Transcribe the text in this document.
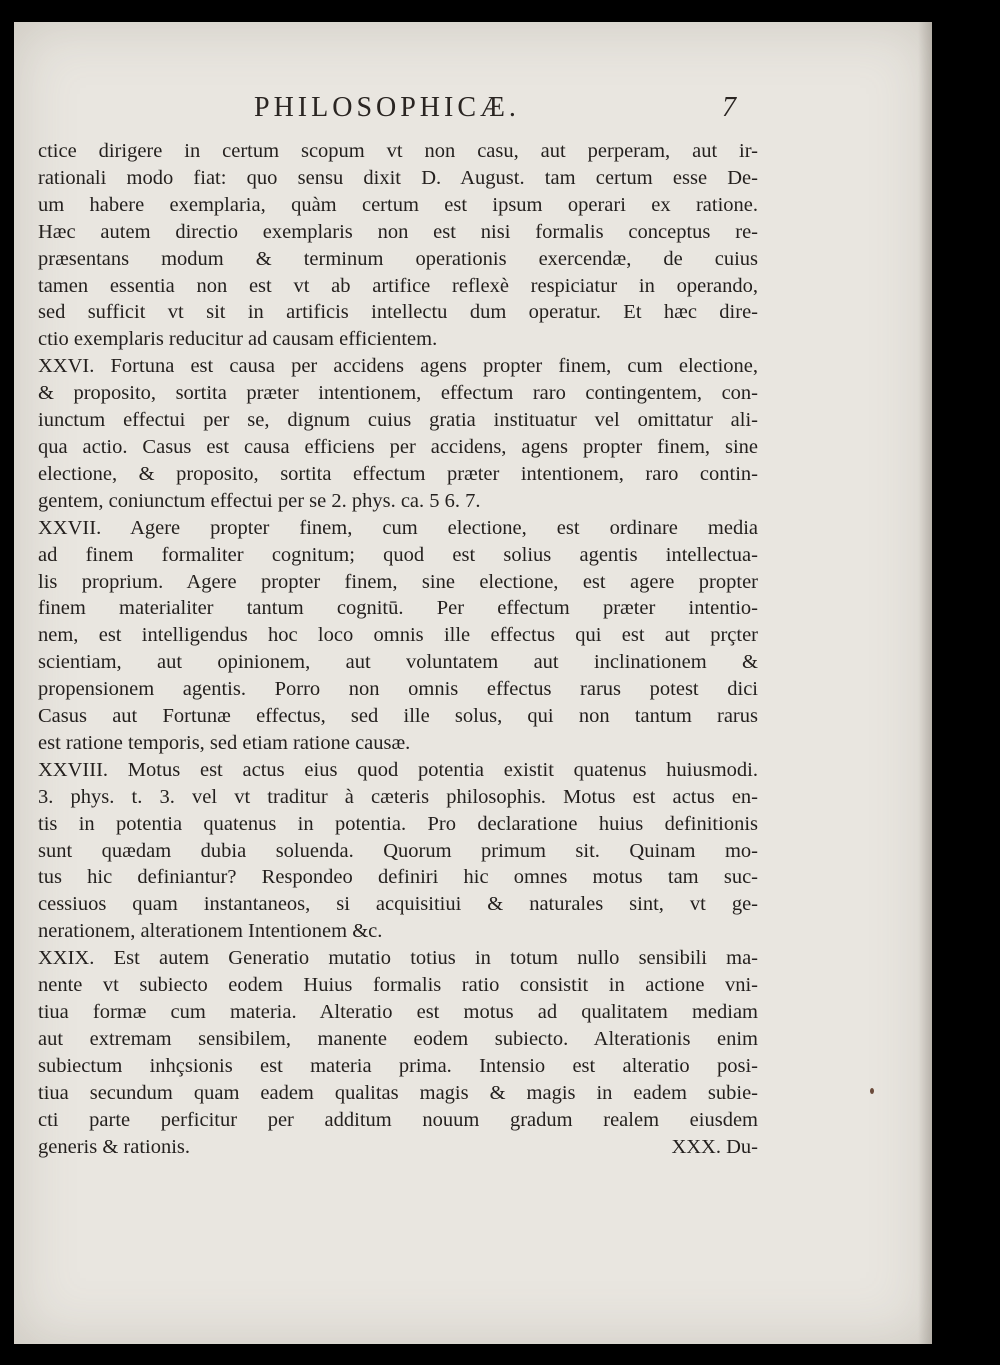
PHILOSOPHICÆ.	7
ctice dirigere in certum scopum vt non casu, aut perperam, aut ir-
rationali modo fiat: quo sensu dixit D. August. tam certum esse De-
um habere exemplaria, quàm certum est ipsum operari ex ratione.
Hæc autem directio exemplaris non est nisi formalis conceptus re-
præsentans modum & terminum operationis exercendæ, de cuius
tamen essentia non est vt ab artifice reflexè respiciatur in operando,
sed sufficit vt sit in artificis intellectu dum operatur. Et hæc dire-
ctio exemplaris reducitur ad causam efficientem.
XXVI. Fortuna est causa per accidens agens propter finem, cum electione,
& proposito, sortita præter intentionem, effectum raro contingentem, con-
iunctum effectui per se, dignum cuius gratia instituatur vel omittatur ali-
qua actio. Casus est causa efficiens per accidens, agens propter finem, sine
electione, & proposito, sortita effectum præter intentionem, raro contin-
gentem, coniunctum effectui per se 2. phys. ca. 5 6. 7.
XXVII. Agere propter finem, cum electione, est ordinare media
ad finem formaliter cognitum; quod est solius agentis intellectua-
lis proprium. Agere propter finem, sine electione, est agere propter
finem materialiter tantum cognitū. Per effectum præter intentio-
nem, est intelligendus hoc loco omnis ille effectus qui est aut prçter
scientiam, aut opinionem, aut voluntatem aut inclinationem &
propensionem agentis. Porro non omnis effectus rarus potest dici
Casus aut Fortunæ effectus, sed ille solus, qui non tantum rarus
est ratione temporis, sed etiam ratione causæ.
XXVIII. Motus est actus eius quod potentia existit quatenus huiusmodi.
3. phys. t. 3. vel vt traditur à cæteris philosophis. Motus est actus en-
tis in potentia quatenus in potentia. Pro declaratione huius definitionis
sunt quædam dubia soluenda. Quorum primum sit. Quinam mo-
tus hic definiantur? Respondeo definiri hic omnes motus tam suc-
cessiuos quam instantaneos, si acquisitiui & naturales sint, vt ge-
nerationem, alterationem Intentionem &c.
XXIX. Est autem Generatio mutatio totius in totum nullo sensibili ma-
nente vt subiecto eodem Huius formalis ratio consistit in actione vni-
tiua formæ cum materia. Alteratio est motus ad qualitatem mediam
aut extremam sensibilem, manente eodem subiecto. Alterationis enim
subiectum inhçsionis est materia prima. Intensio est alteratio posi-
tiua secundum quam eadem qualitas magis & magis in eadem subie-
cti parte perficitur per additum nouum gradum realem eiusdem
generis & rationis.	XXX. Du-
